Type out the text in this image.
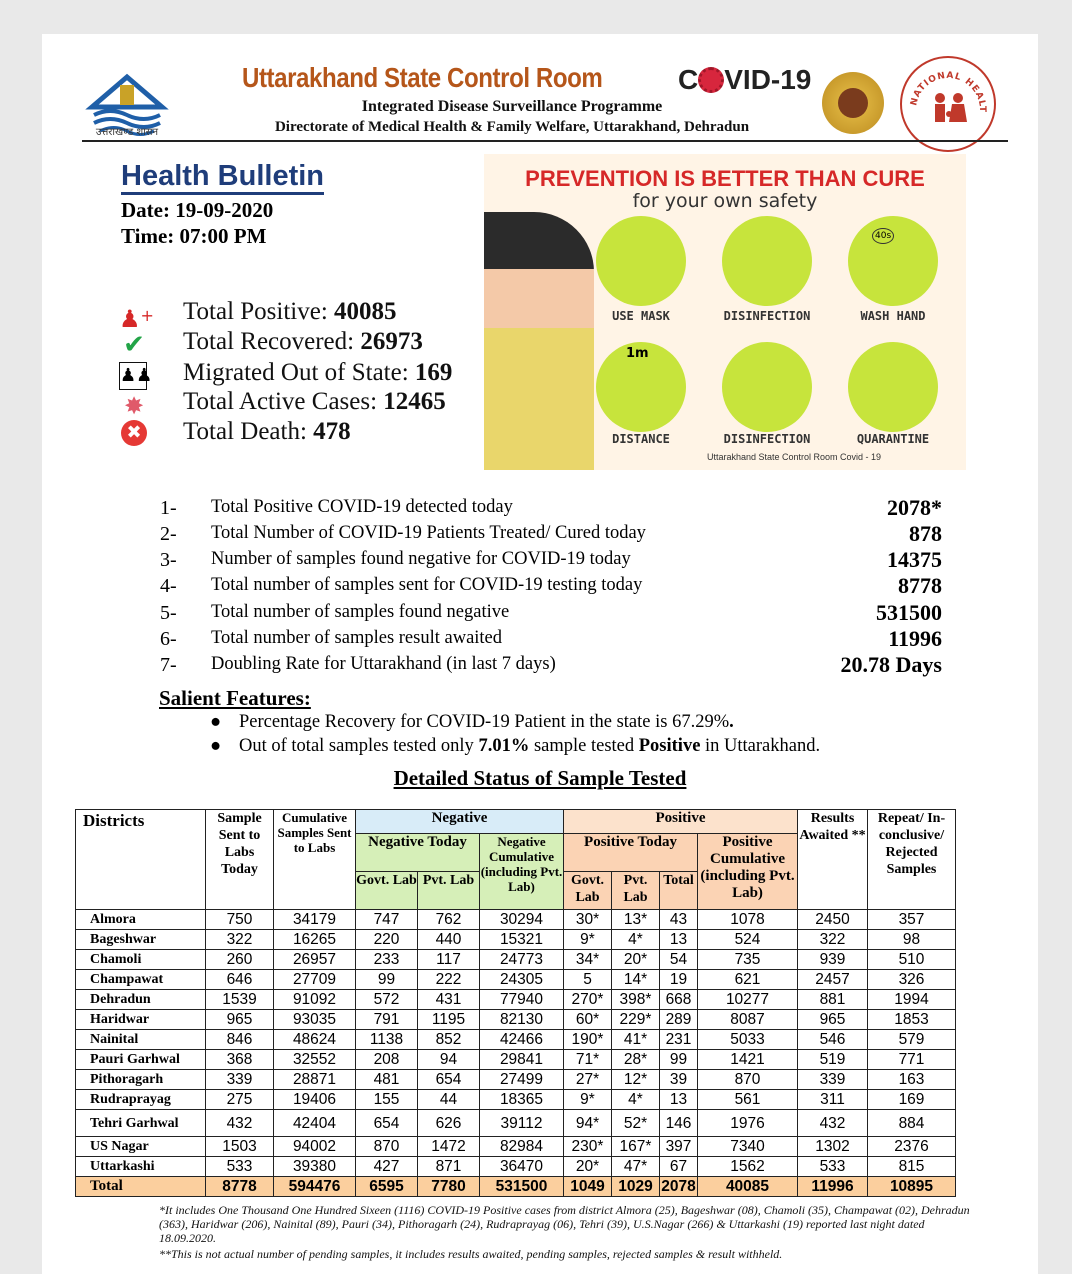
उत्तराखण्ड शासन
Uttarakhand State Control Room	C VID-19
Integrated Disease Surveillance Programme
Directorate of Medical Health & Family Welfare, Uttarakhand, Dehradun
NATIONAL HEALT
Health Bulletin
Date: 19-09-2020
Time: 07:00 PM
♟+ Total Positive: 40085
✔ Total Recovered: 26973
♟♟ Migrated Out of State: 169
✸ Total Active Cases: 12465
✖ Total Death: 478
PREVENTION IS BETTER THAN CURE
for your own safety
USE MASK	DISINFECTION
40s
WASH HAND
1m
DISTANCE	DISINFECTION	QUARANTINE
Uttarakhand State Control Room Covid - 19
1- Total Positive COVID-19 detected today	2078*
2- Total Number of COVID-19 Patients Treated/ Cured today	878
3- Number of samples found negative for COVID-19 today	14375
4- Total number of samples sent for COVID-19 testing today	8778
5- Total number of samples found negative	531500
6- Total number of samples result awaited	11996
7- Doubling Rate for Uttarakhand (in last 7 days)	20.78 Days
Salient Features:
● Percentage Recovery for COVID-19 Patient in the state is 67.29%.
● Out of total samples tested only 7.01% sample tested Positive in Uttarakhand.
Detailed Status of Sample Tested
Districts	Sample Sent to Labs Today	Cumulative Samples Sent to Labs	Negative			Positive				Results Awaited **	Repeat/ In-conclusive/ Rejected Samples
			Negative Today		Negative Cumulative (including Pvt. Lab)	Positive Today			Positive Cumulative (including Pvt. Lab)		
			Govt. Lab	Pvt. Lab		Govt. Lab	Pvt. Lab	Total			
Almora	750	34179	747	762	30294	30*	13*	43	1078	2450	357
Bageshwar	322	16265	220	440	15321	9*	4*	13	524	322	98
Chamoli	260	26957	233	117	24773	34*	20*	54	735	939	510
Champawat	646	27709	99	222	24305	5	14*	19	621	2457	326
Dehradun	1539	91092	572	431	77940	270*	398*	668	10277	881	1994
Haridwar	965	93035	791	1195	82130	60*	229*	289	8087	965	1853
Nainital	846	48624	1138	852	42466	190*	41*	231	5033	546	579
Pauri Garhwal	368	32552	208	94	29841	71*	28*	99	1421	519	771
Pithoragarh	339	28871	481	654	27499	27*	12*	39	870	339	163
Rudraprayag	275	19406	155	44	18365	9*	4*	13	561	311	169
Tehri Garhwal	432	42404	654	626	39112	94*	52*	146	1976	432	884
US Nagar	1503	94002	870	1472	82984	230*	167*	397	7340	1302	2376
Uttarkashi	533	39380	427	871	36470	20*	47*	67	1562	533	815
Total	8778	594476	6595	7780	531500	1049	1029	2078	40085	11996	10895
*It includes One Thousand One Hundred Sixeen (1116) COVID-19 Positive cases from district Almora (25), Bageshwar (08), Chamoli (35), Champawat (02), Dehradun (363), Haridwar (206), Nainital (89), Pauri (34), Pithoragarh (24), Rudraprayag (06), Tehri (39), U.S.Nagar (266) & Uttarkashi (19) reported last night dated 18.09.2020.
**This is not actual number of pending samples, it includes results awaited, pending samples, rejected samples & result withheld.
